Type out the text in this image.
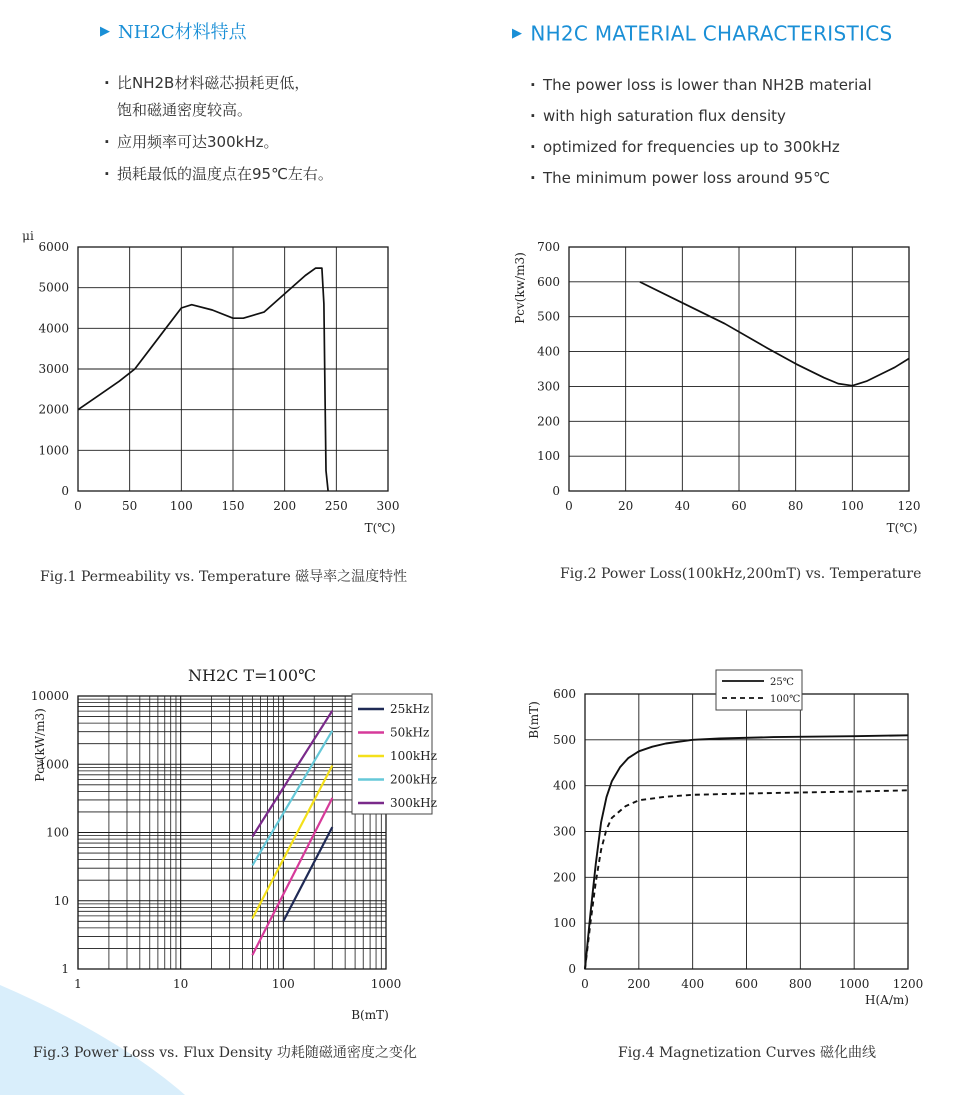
▶ NH2C材料特点	▶ NH2C MATERIAL CHARACTERISTICS
· 比NH2B材料磁芯损耗更低，
饱和磁通密度较高。
· 应用频率可达300kHz。
· 损耗最低的温度点在95℃左右。
· The power loss is lower than NH2B material
· with high saturation flux density
· optimized for frequencies up to 300kHz
· The minimum power loss around 95℃
0	50	100 150 200 250 300
0
1000
2000
3000
4000
5000
6000
T(℃)
μi
0	20	40	60	80	100	120
0
100
200
300
400
500
600
700
T(℃)
Pcv(kw/m3)
1	10	100	1000
1
10
100
1000
10000
25kHz
50kHz
100kHz
200kHz
300kHz
NH2C T=100℃
B(mT)
Pcv(kW/m3)
0	200	400	600	800 1000 1200
0
100
200
300
400
500
600
25℃
100℃
H(A/m)
B(mT)
Fig.1 Permeability vs. Temperature 磁导率之温度特性	Fig.2 Power Loss(100kHz,200mT) vs. Temperature
Fig.3 Power Loss vs. Flux Density 功耗随磁通密度之变化	Fig.4 Magnetization Curves 磁化曲线
